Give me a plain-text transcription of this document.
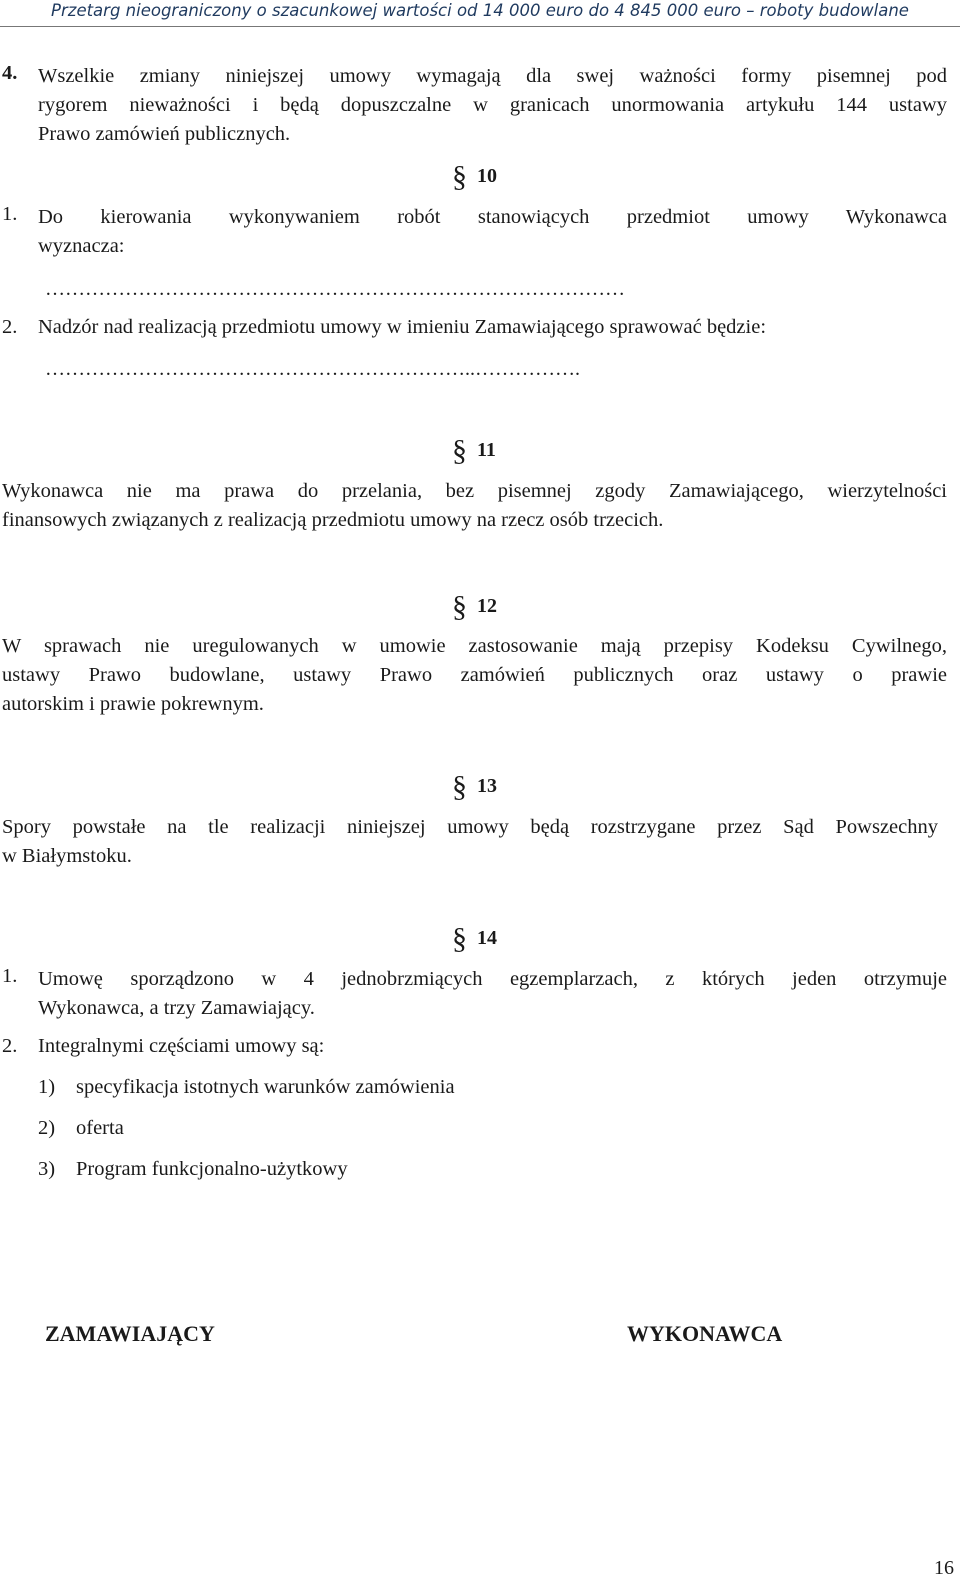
Przetarg nieograniczony o szacunkowej wartości od 14 000 euro do 4 845 000 euro – roboty budowlane
4. Wszelkie zmiany niniejszej umowy wymagają dla swej ważności formy pisemnej pod
rygorem nieważności i będą dopuszczalne w granicach unormowania artykułu 144 ustawy
Prawo zamówień publicznych.
§ 10
1. Do kierowania wykonywaniem robót stanowiących przedmiot umowy Wykonawca
wyznacza:
……………………………………………………………………………
2. Nadzór nad realizacją przedmiotu umowy w imieniu Zamawiającego sprawować będzie:
………………………………………………………..…………….
§ 11
Wykonawca nie ma prawa do przelania, bez pisemnej zgody Zamawiającego, wierzytelności
finansowych związanych z realizacją przedmiotu umowy na rzecz osób trzecich.
§ 12
W sprawach nie uregulowanych w umowie zastosowanie mają przepisy Kodeksu Cywilnego,
ustawy Prawo budowlane, ustawy Prawo zamówień publicznych oraz ustawy o prawie
autorskim i prawie pokrewnym.
§ 13
Spory powstałe na tle realizacji niniejszej umowy będą rozstrzygane przez Sąd Powszechny
w Białymstoku.
§ 14
1. Umowę sporządzono w 4 jednobrzmiących egzemplarzach, z których jeden otrzymuje
Wykonawca, a trzy Zamawiający.
2. Integralnymi częściami umowy są:
1) specyfikacja istotnych warunków zamówienia
2) oferta
3) Program funkcjonalno-użytkowy
ZAMAWIAJĄCY	WYKONAWCA
16
